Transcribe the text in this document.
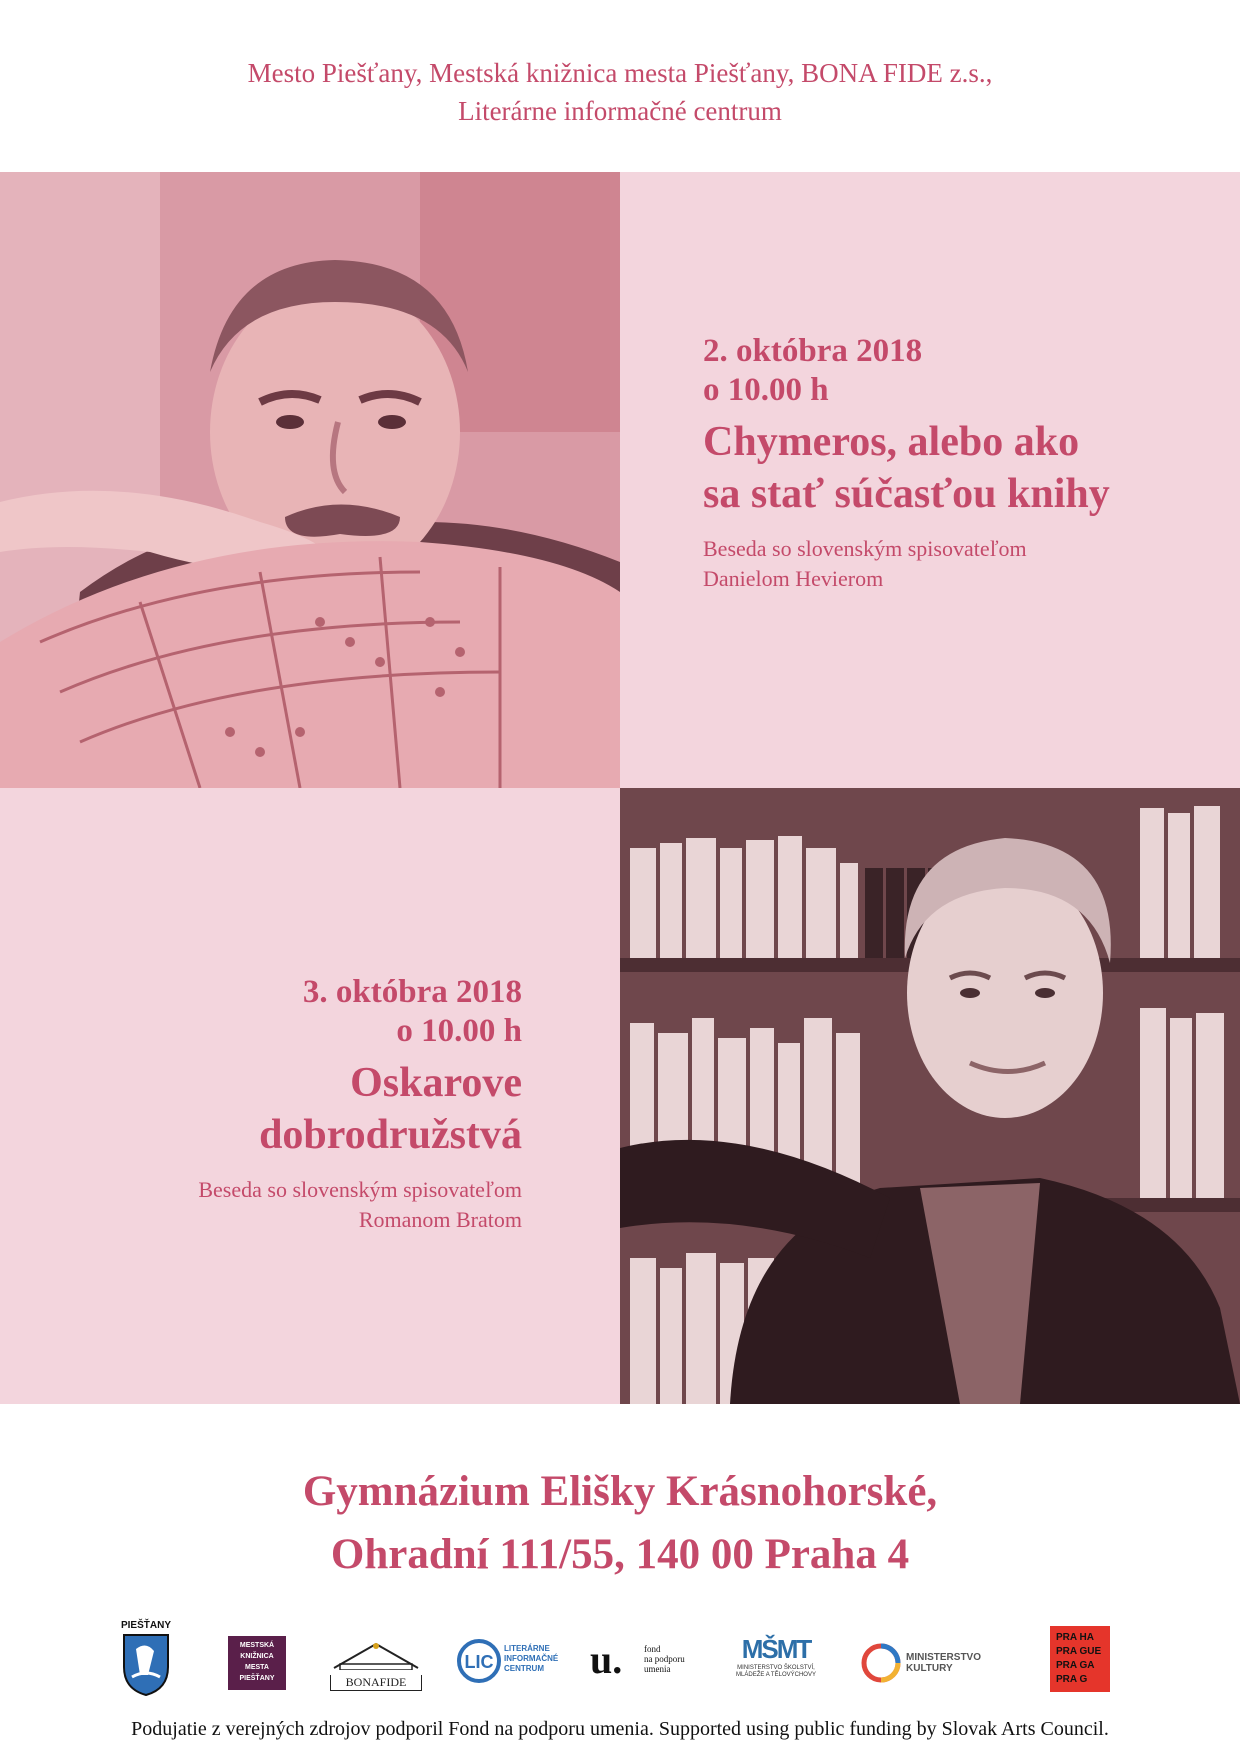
Mesto Piešťany, Mestská knižnica mesta Piešťany, BONA FIDE z.s.,
Literárne informačné centrum
2. októbra 2018
o 10.00 h
Chymeros, alebo ako
sa stať súčasťou knihy
Beseda so slovenským spisovateľom
Danielom Hevierom
3. októbra 2018
o 10.00 h
Oskarove
dobrodružstvá
Beseda so slovenským spisovateľom
Romanom Bratom
Gymnázium Elišky Krásnohorské,
Ohradní 111/55, 140 00 Praha 4
PIEŠŤANY
MESTSKÁ
KNIŽNICA
MESTA
PIEŠŤANY	BONAFIDE
LIC
LITERÁRNE
INFORMAČNÉ
CENTRUM	u. fond
na podporu
umenia
MŠMT
MINISTERSTVO ŠKOLSTVÍ,
MLÁDEŽE A TĚLOVÝCHOVY
MINISTERSTVO
KULTURY
PRA HA
PRA GUE
PRA GA
PRA G
Podujatie z verejných zdrojov podporil Fond na podporu umenia. Supported using public funding by Slovak Arts Council.
